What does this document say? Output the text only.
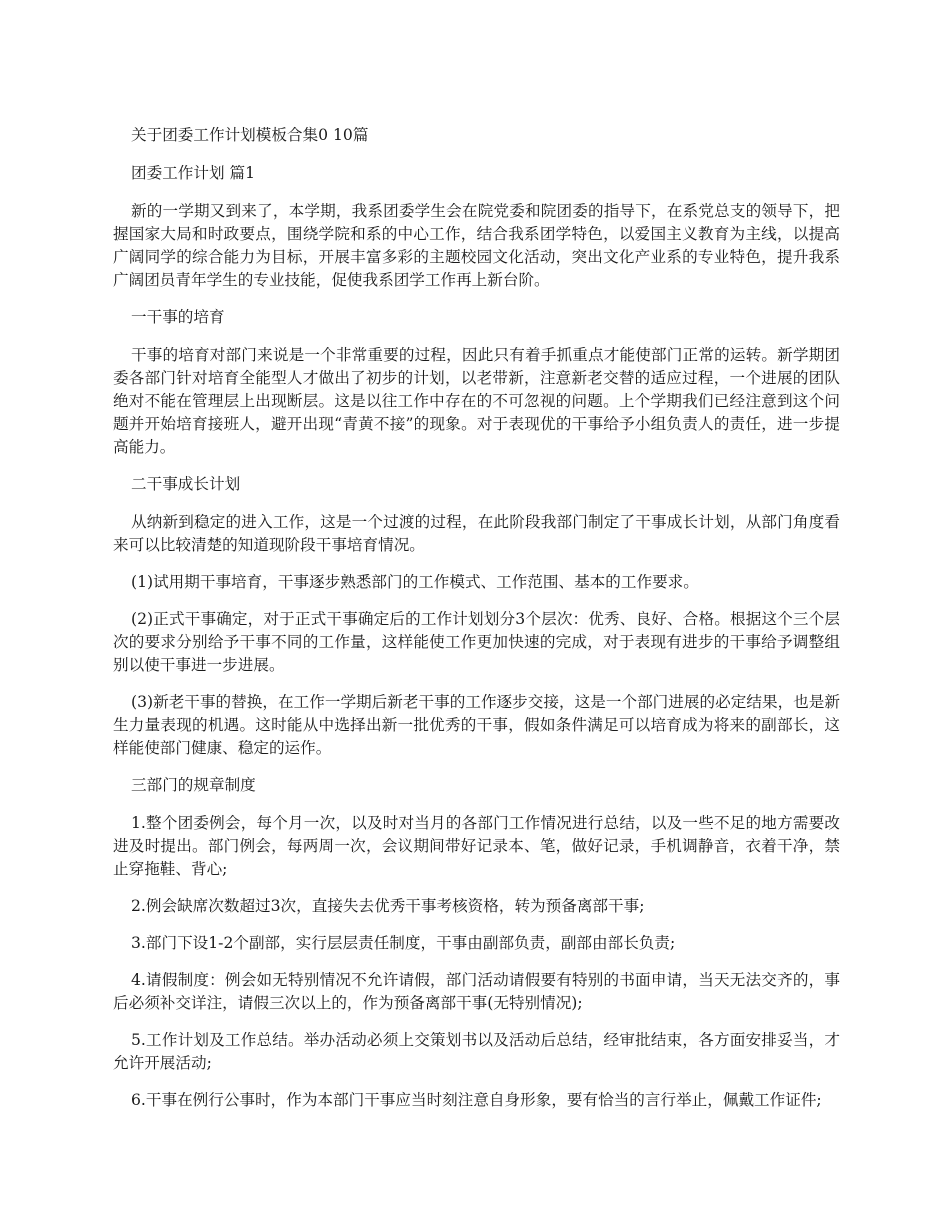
关于团委工作计划模板合集0 10篇

团委工作计划 篇1

新的一学期又到来了，本学期，我系团委学生会在院党委和院团委的指导下，在系党总支的领导下，把握国家大局和时政要点，围绕学院和系的中心工作，结合我系团学特色，以爱国主义教育为主线，以提高广阔同学的综合能力为目标，开展丰富多彩的主题校园文化活动，突出文化产业系的专业特色，提升我系广阔团员青年学生的专业技能，促使我系团学工作再上新台阶。

一干事的培育

干事的培育对部门来说是一个非常重要的过程，因此只有着手抓重点才能使部门正常的运转。新学期团委各部门针对培育全能型人才做出了初步的计划，以老带新，注意新老交替的适应过程，一个进展的团队绝对不能在管理层上出现断层。这是以往工作中存在的不可忽视的问题。上个学期我们已经注意到这个问题并开始培育接班人，避开出现“青黄不接”的现象。对于表现优的干事给予小组负责人的责任，进一步提高能力。

二干事成长计划

从纳新到稳定的进入工作，这是一个过渡的过程，在此阶段我部门制定了干事成长计划，从部门角度看来可以比较清楚的知道现阶段干事培育情况。

(1)试用期干事培育，干事逐步熟悉部门的工作模式、工作范围、基本的工作要求。

(2)正式干事确定，对于正式干事确定后的工作计划划分3个层次：优秀、良好、合格。根据这个三个层次的要求分别给予干事不同的工作量，这样能使工作更加快速的完成，对于表现有进步的干事给予调整组别以使干事进一步进展。

(3)新老干事的替换，在工作一学期后新老干事的工作逐步交接，这是一个部门进展的必定结果，也是新生力量表现的机遇。这时能从中选择出新一批优秀的干事，假如条件满足可以培育成为将来的副部长，这样能使部门健康、稳定的运作。

三部门的规章制度

1.整个团委例会，每个月一次，以及时对当月的各部门工作情况进行总结，以及一些不足的地方需要改进及时提出。部门例会，每两周一次，会议期间带好记录本、笔，做好记录，手机调静音，衣着干净，禁止穿拖鞋、背心;

2.例会缺席次数超过3次，直接失去优秀干事考核资格，转为预备离部干事;

3.部门下设1-2个副部，实行层层责任制度，干事由副部负责，副部由部长负责;

4.请假制度：例会如无特别情况不允许请假，部门活动请假要有特别的书面申请，当天无法交齐的，事后必须补交详注，请假三次以上的，作为预备离部干事(无特别情况);

5.工作计划及工作总结。举办活动必须上交策划书以及活动后总结，经审批结束，各方面安排妥当，才允许开展活动;

6.干事在例行公事时，作为本部门干事应当时刻注意自身形象，要有恰当的言行举止，佩戴工作证件;
